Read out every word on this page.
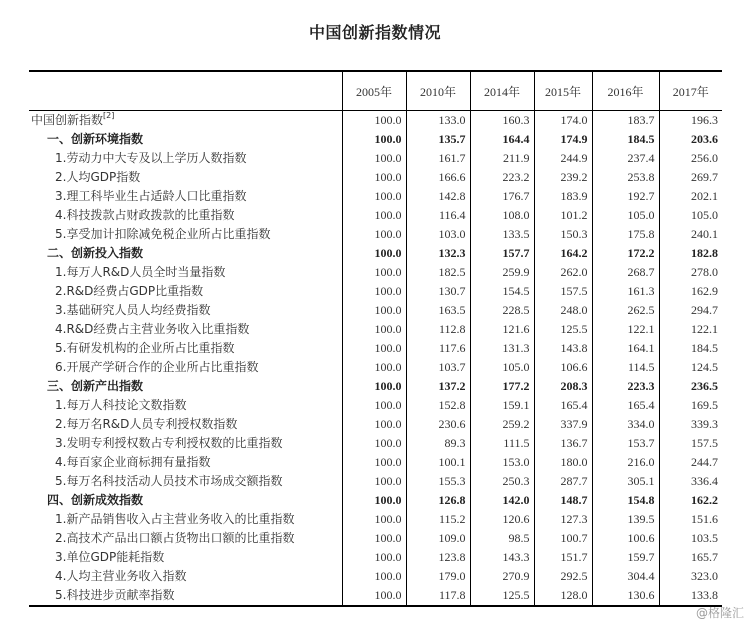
中国创新指数情况
	2005年	2010年	2014年	2015年	2016年	2017年
中国创新指数[2]	100.0	133.0	160.3	174.0	183.7	196.3
一、创新环境指数	100.0	135.7	164.4	174.9	184.5	203.6
1.劳动力中大专及以上学历人数指数	100.0	161.7	211.9	244.9	237.4	256.0
2.人均GDP指数	100.0	166.6	223.2	239.2	253.8	269.7
3.理工科毕业生占适龄人口比重指数	100.0	142.8	176.7	183.9	192.7	202.1
4.科技拨款占财政拨款的比重指数	100.0	116.4	108.0	101.2	105.0	105.0
5.享受加计扣除减免税企业所占比重指数	100.0	103.0	133.5	150.3	175.8	240.1
二、创新投入指数	100.0	132.3	157.7	164.2	172.2	182.8
1.每万人R&D人员全时当量指数	100.0	182.5	259.9	262.0	268.7	278.0
2.R&D经费占GDP比重指数	100.0	130.7	154.5	157.5	161.3	162.9
3.基础研究人员人均经费指数	100.0	163.5	228.5	248.0	262.5	294.7
4.R&D经费占主营业务收入比重指数	100.0	112.8	121.6	125.5	122.1	122.1
5.有研发机构的企业所占比重指数	100.0	117.6	131.3	143.8	164.1	184.5
6.开展产学研合作的企业所占比重指数	100.0	103.7	105.0	106.6	114.5	124.5
三、创新产出指数	100.0	137.2	177.2	208.3	223.3	236.5
1.每万人科技论文数指数	100.0	152.8	159.1	165.4	165.4	169.5
2.每万名R&D人员专利授权数指数	100.0	230.6	259.2	337.9	334.0	339.3
3.发明专利授权数占专利授权数的比重指数	100.0	89.3	111.5	136.7	153.7	157.5
4.每百家企业商标拥有量指数	100.0	100.1	153.0	180.0	216.0	244.7
5.每万名科技活动人员技术市场成交额指数	100.0	155.3	250.3	287.7	305.1	336.4
四、创新成效指数	100.0	126.8	142.0	148.7	154.8	162.2
1.新产品销售收入占主营业务收入的比重指数	100.0	115.2	120.6	127.3	139.5	151.6
2.高技术产品出口额占货物出口额的比重指数	100.0	109.0	98.5	100.7	100.6	103.5
3.单位GDP能耗指数	100.0	123.8	143.3	151.7	159.7	165.7
4.人均主营业务收入指数	100.0	179.0	270.9	292.5	304.4	323.0
5.科技进步贡献率指数	100.0	117.8	125.5	128.0	130.6	133.8
@格隆汇
